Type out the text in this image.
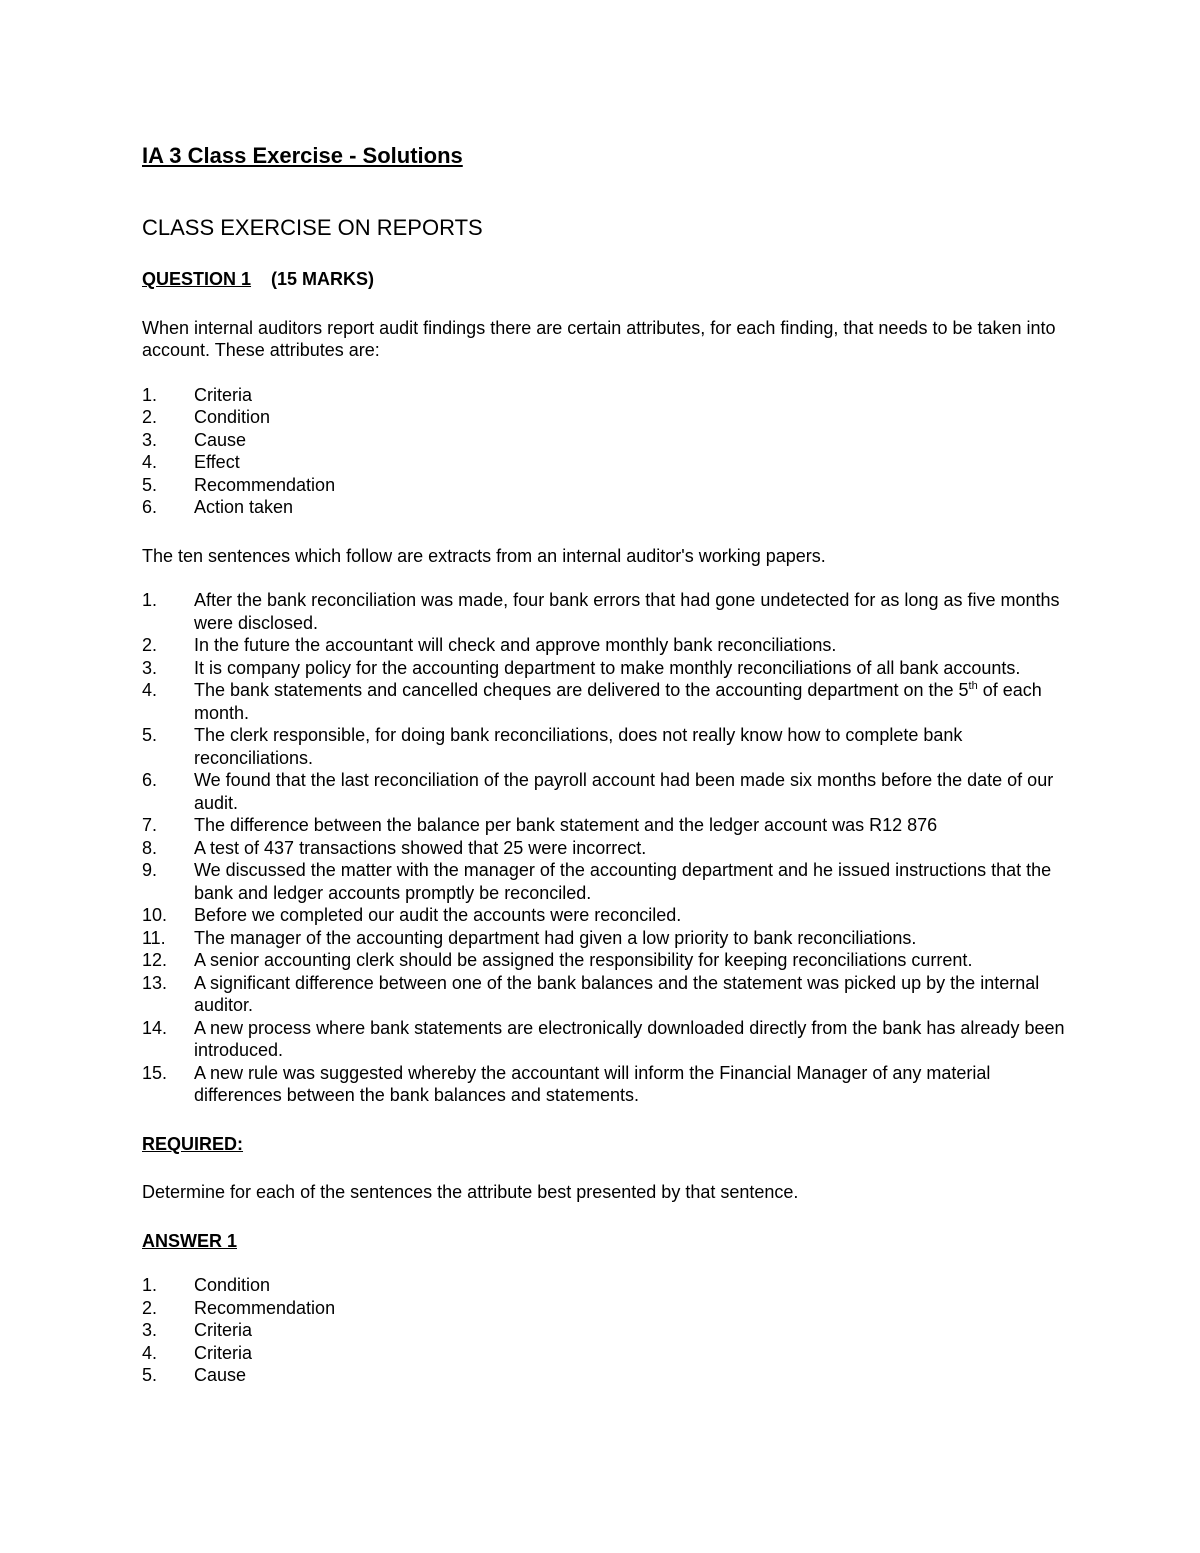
IA 3 Class Exercise - Solutions
CLASS EXERCISE ON REPORTS
QUESTION 1 (15 MARKS)
When internal auditors report audit findings there are certain attributes, for each finding, that needs to be taken into account. These attributes are:
1.	Criteria
2.	Condition
3.	Cause
4.	Effect
5.	Recommendation
6.	Action taken
The ten sentences which follow are extracts from an internal auditor's working papers.
1.	After the bank reconciliation was made, four bank errors that had gone undetected for as long as five months were disclosed.
2.	In the future the accountant will check and approve monthly bank reconciliations.
3.	It is company policy for the accounting department to make monthly reconciliations of all bank accounts.
4.	The bank statements and cancelled cheques are delivered to the accounting department on the 5th of each month.
5.	The clerk responsible, for doing bank reconciliations, does not really know how to complete bank reconciliations.
6.	We found that the last reconciliation of the payroll account had been made six months before the date of our audit.
7.	The difference between the balance per bank statement and the ledger account was R12 876
8.	A test of 437 transactions showed that 25 were incorrect.
9.	We discussed the matter with the manager of the accounting department and he issued instructions that the bank and ledger accounts promptly be reconciled.
10.	Before we completed our audit the accounts were reconciled.
11.	The manager of the accounting department had given a low priority to bank reconciliations.
12.	A senior accounting clerk should be assigned the responsibility for keeping reconciliations current.
13.	A significant difference between one of the bank balances and the statement was picked up by the internal auditor.
14.	A new process where bank statements are electronically downloaded directly from the bank has already been introduced.
15.	A new rule was suggested whereby the accountant will inform the Financial Manager of any material differences between the bank balances and statements.
REQUIRED:
Determine for each of the sentences the attribute best presented by that sentence.
ANSWER 1
1.	Condition
2.	Recommendation
3.	Criteria
4.	Criteria
5.	Cause
